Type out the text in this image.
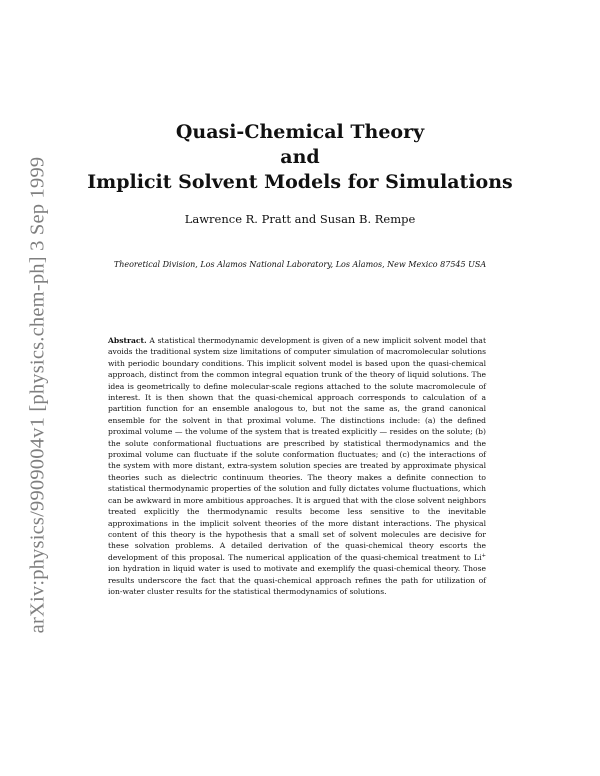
arXiv:physics/9909004v1 [physics.chem-ph] 3 Sep 1999
Quasi-Chemical Theory
and
Implicit Solvent Models for Simulations
Lawrence R. Pratt and Susan B. Rempe
Theoretical Division, Los Alamos National Laboratory, Los Alamos, New Mexico 87545 USA
Abstract. A statistical thermodynamic development is given of a new implicit solvent model that avoids the traditional system size limitations of computer simulation of macromolecular solutions with periodic boundary conditions. This implicit solvent model is based upon the quasi-chemical approach, distinct from the common integral equation trunk of the theory of liquid solutions. The idea is geometrically to define molecular-scale regions attached to the solute macromolecule of interest. It is then shown that the quasi-chemical approach corresponds to calculation of a partition function for an ensemble analogous to, but not the same as, the grand canonical ensemble for the solvent in that proximal volume. The distinctions include: (a) the defined proximal volume — the volume of the system that is treated explicitly — resides on the solute; (b) the solute conformational fluctuations are prescribed by statistical thermodynamics and the proximal volume can fluctuate if the solute conformation fluctuates; and (c) the interactions of the system with more distant, extra-system solution species are treated by approximate physical theories such as dielectric continuum theories. The theory makes a definite connection to statistical thermodynamic properties of the solution and fully dictates volume fluctuations, which can be awkward in more ambitious approaches. It is argued that with the close solvent neighbors treated explicitly the thermodynamic results become less sensitive to the inevitable approximations in the implicit solvent theories of the more distant interactions. The physical content of this theory is the hypothesis that a small set of solvent molecules are decisive for these solvation problems. A detailed derivation of the quasi-chemical theory escorts the development of this proposal. The numerical application of the quasi-chemical treatment to Li+ ion hydration in liquid water is used to motivate and exemplify the quasi-chemical theory. Those results underscore the fact that the quasi-chemical approach refines the path for utilization of ion-water cluster results for the statistical thermodynamics of solutions.
